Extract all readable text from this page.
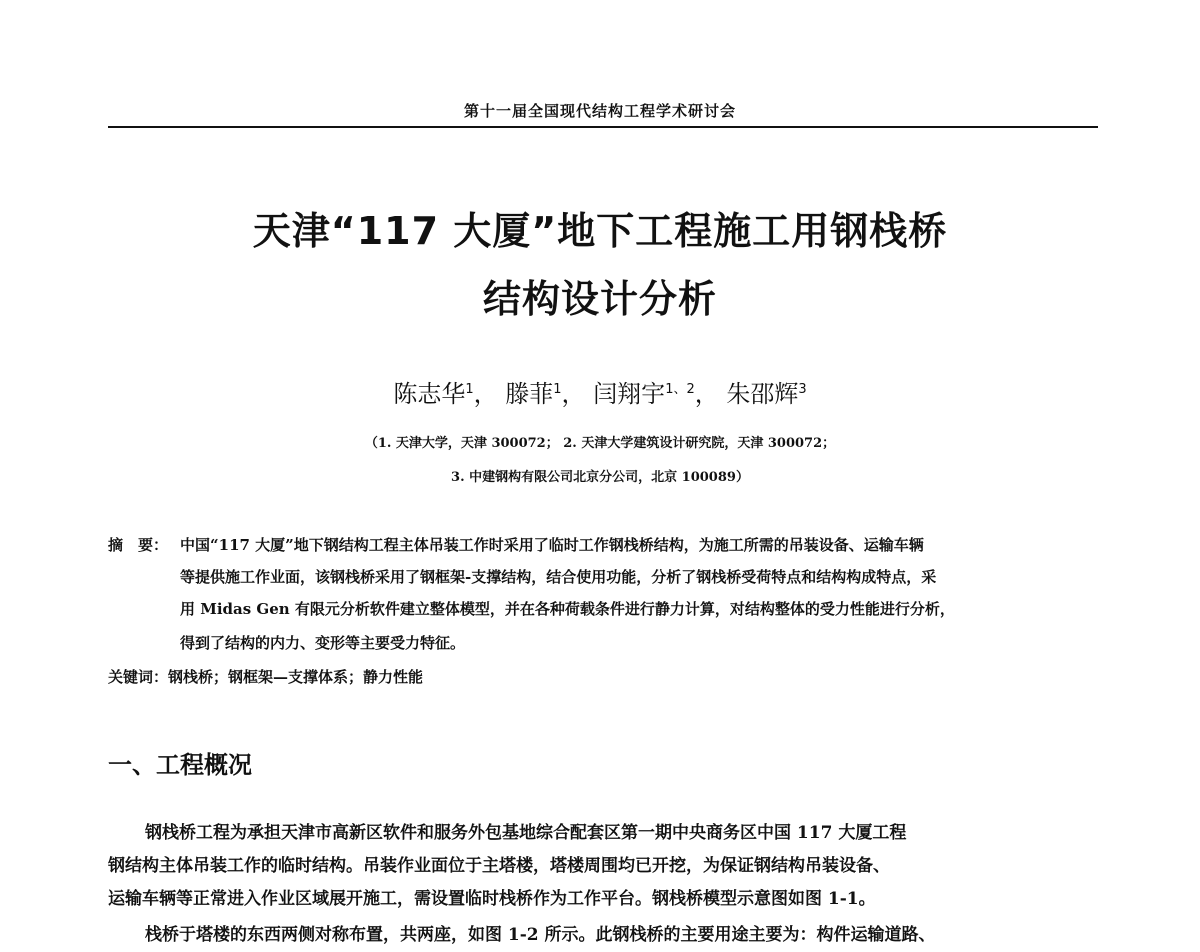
第十一届全国现代结构工程学术研讨会
天津“117 大厦”地下工程施工用钢栈桥
结构设计分析
陈志华$^1$， 滕菲$^1$， 闫翔宇$^{1、2}$， 朱邵辉$^3$
（1. 天津大学，天津 300072； 2. 天津大学建筑设计研究院，天津 300072；
3. 中建钢构有限公司北京分公司，北京 100089）
摘　要： 中国“117 大厦”地下钢结构工程主体吊装工作时采用了临时工作钢栈桥结构，为施工所需的吊装设备、运输车辆
等提供施工作业面，该钢栈桥采用了钢框架-支撑结构，结合使用功能，分析了钢栈桥受荷特点和结构构成特点，采
用 Midas Gen 有限元分析软件建立整体模型，并在各种荷载条件进行静力计算，对结构整体的受力性能进行分析，
得到了结构的内力、变形等主要受力特征。
关键词：钢栈桥；钢框架—支撑体系；静力性能
一、工程概况
钢栈桥工程为承担天津市高新区软件和服务外包基地综合配套区第一期中央商务区中国 117 大厦工程
钢结构主体吊装工作的临时结构。吊装作业面位于主塔楼，塔楼周围均已开挖，为保证钢结构吊装设备、
运输车辆等正常进入作业区域展开施工，需设置临时栈桥作为工作平台。钢栈桥模型示意图如图 1-1。
栈桥于塔楼的东西两侧对称布置，共两座，如图 1-2 所示。此钢栈桥的主要用途主要为：构件运输道路、
